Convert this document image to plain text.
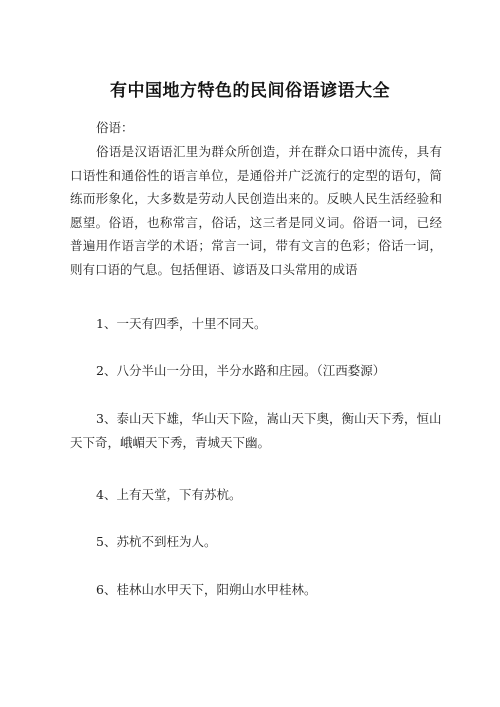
有中国地方特色的民间俗语谚语大全

俗语：

俗语是汉语语汇里为群众所创造，并在群众口语中流传，具有口语性和通俗性的语言单位，是通俗并广泛流行的定型的语句，简练而形象化，大多数是劳动人民创造出来的。反映人民生活经验和愿望。俗语，也称常言，俗话，这三者是同义词。俗语一词，已经普遍用作语言学的术语；常言一词，带有文言的色彩；俗话一词，则有口语的气息。包括俚语、谚语及口头常用的成语

1、一天有四季，十里不同天。

2、八分半山一分田，半分水路和庄园。（江西婺源）

3、泰山天下雄，华山天下险，嵩山天下奥，衡山天下秀，恒山天下奇，峨嵋天下秀，青城天下幽。

4、上有天堂，下有苏杭。

5、苏杭不到枉为人。

6、桂林山水甲天下，阳朔山水甲桂林。
